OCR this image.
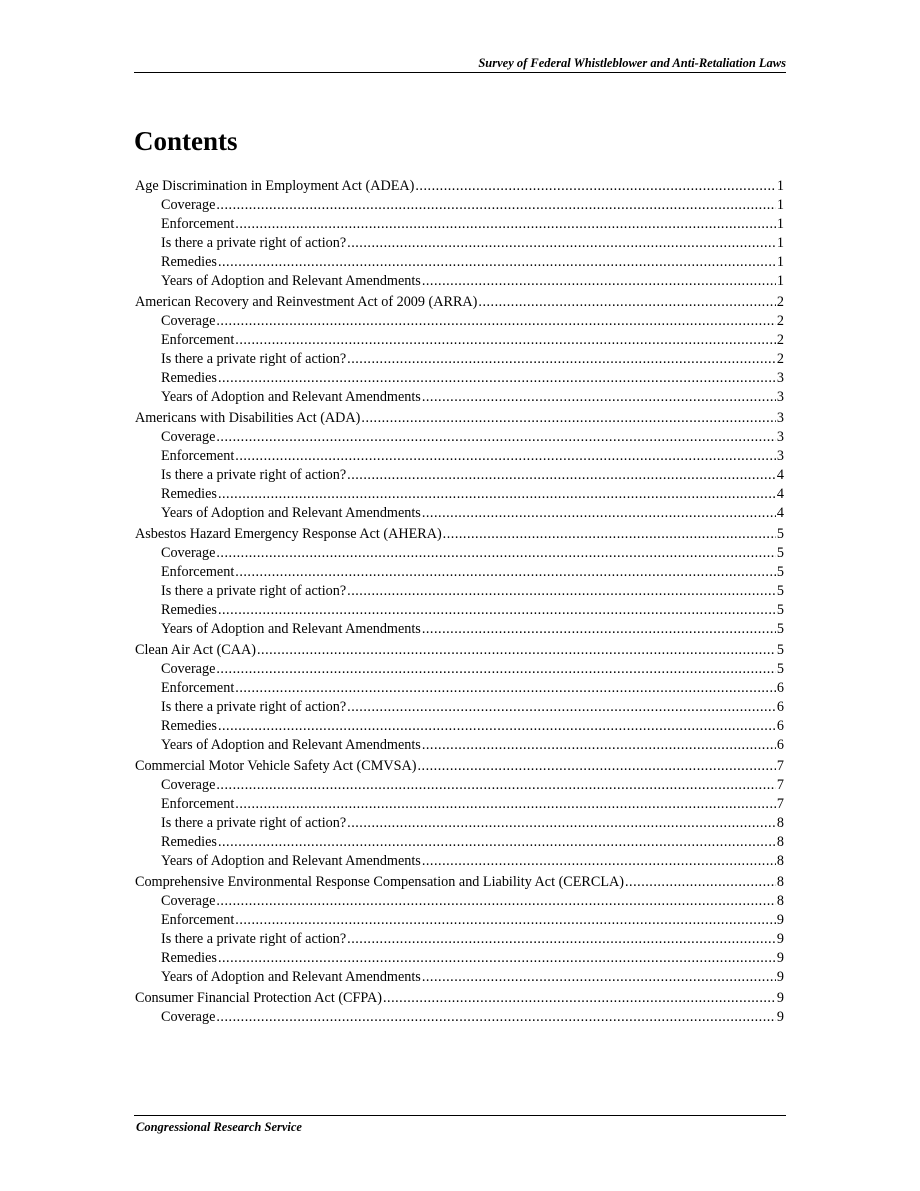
Survey of Federal Whistleblower and Anti-Retaliation Laws
Contents
Age Discrimination in Employment Act (ADEA) .....	1
Coverage .....	1
Enforcement .....	1
Is there a private right of action? .....	1
Remedies .....	1
Years of Adoption and Relevant Amendments .....	1
American Recovery and Reinvestment Act of 2009 (ARRA) .....	2
Coverage .....	2
Enforcement .....	2
Is there a private right of action? .....	2
Remedies .....	3
Years of Adoption and Relevant Amendments .....	3
Americans with Disabilities Act (ADA) .....	3
Coverage .....	3
Enforcement .....	3
Is there a private right of action? .....	4
Remedies .....	4
Years of Adoption and Relevant Amendments .....	4
Asbestos Hazard Emergency Response Act (AHERA) .....	5
Coverage .....	5
Enforcement .....	5
Is there a private right of action? .....	5
Remedies .....	5
Years of Adoption and Relevant Amendments .....	5
Clean Air Act (CAA) .....	5
Coverage .....	5
Enforcement .....	6
Is there a private right of action? .....	6
Remedies .....	6
Years of Adoption and Relevant Amendments .....	6
Commercial Motor Vehicle Safety Act (CMVSA) .....	7
Coverage .....	7
Enforcement .....	7
Is there a private right of action? .....	8
Remedies .....	8
Years of Adoption and Relevant Amendments .....	8
Comprehensive Environmental Response Compensation and Liability Act (CERCLA) .....	8
Coverage .....	8
Enforcement .....	9
Is there a private right of action? .....	9
Remedies .....	9
Years of Adoption and Relevant Amendments .....	9
Consumer Financial Protection Act (CFPA) .....	9
Coverage .....	9
Congressional Research Service
